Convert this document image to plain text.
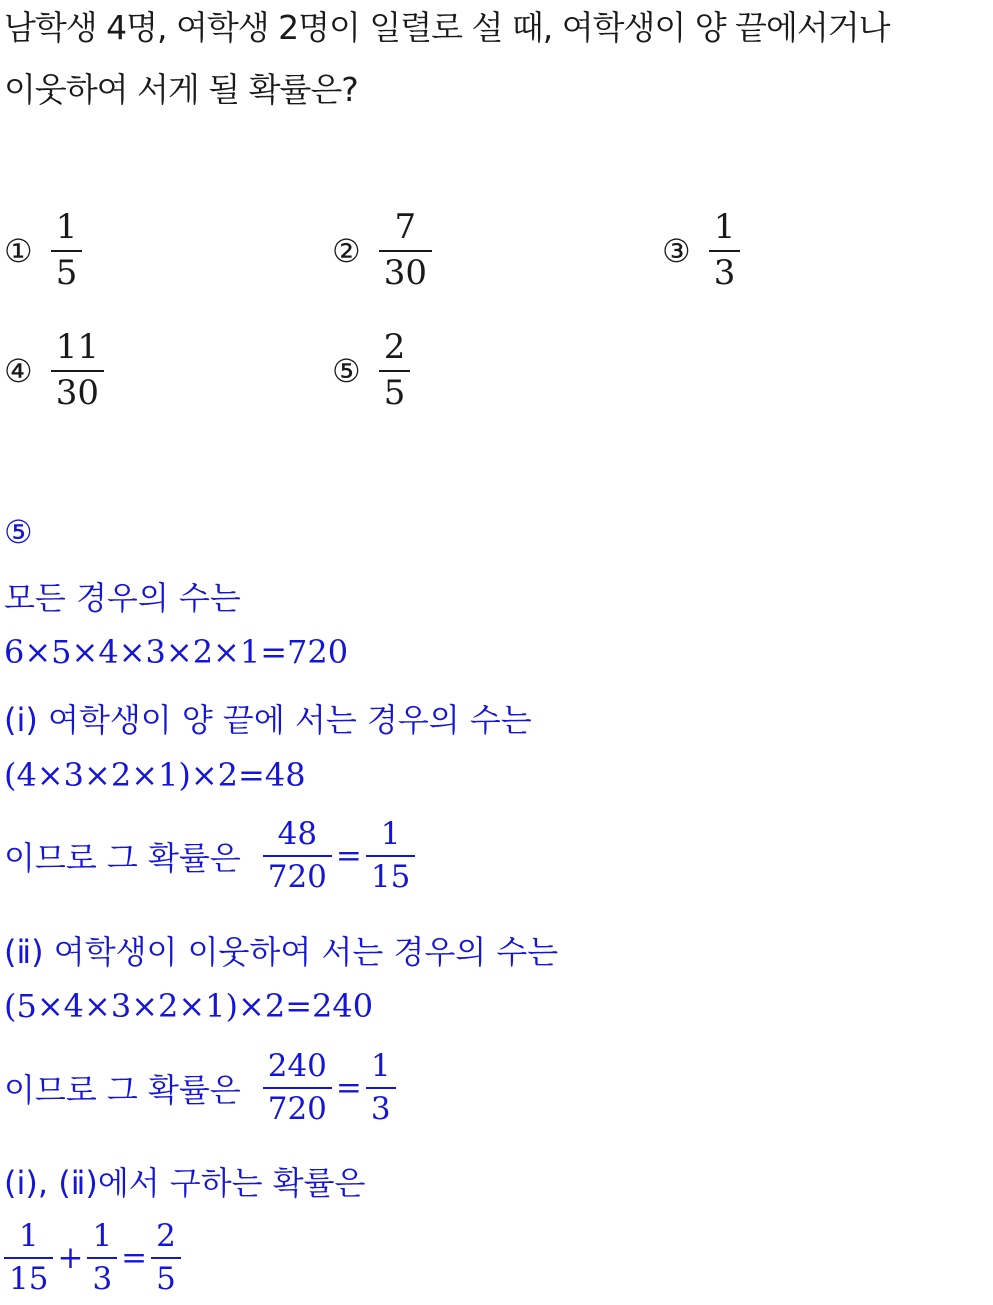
남학생 4명, 여학생 2명이 일렬로 설 때, 여학생이 양 끝에서거나
이웃하여 서게 될 확률은?
① $\frac{1}{5}$	② $\frac{7}{30}$	③ $\frac{1}{3}$
④ $\frac{11}{30}$	⑤ $\frac{2}{5}$
⑤
모든 경우의 수는
6×5×4×3×2×1=720
(ⅰ) 여학생이 양 끝에 서는 경우의 수는
(4×3×2×1)×2=48
이므로 그 확률은 $\frac{48}{720} = \frac{1}{15}$
(ⅱ) 여학생이 이웃하여 서는 경우의 수는
(5×4×3×2×1)×2=240
이므로 그 확률은 $\frac{240}{720} = \frac{1}{3}$
(ⅰ), (ⅱ)에서 구하는 확률은
$\frac{1}{15} + \frac{1}{3} = \frac{2}{5}$
